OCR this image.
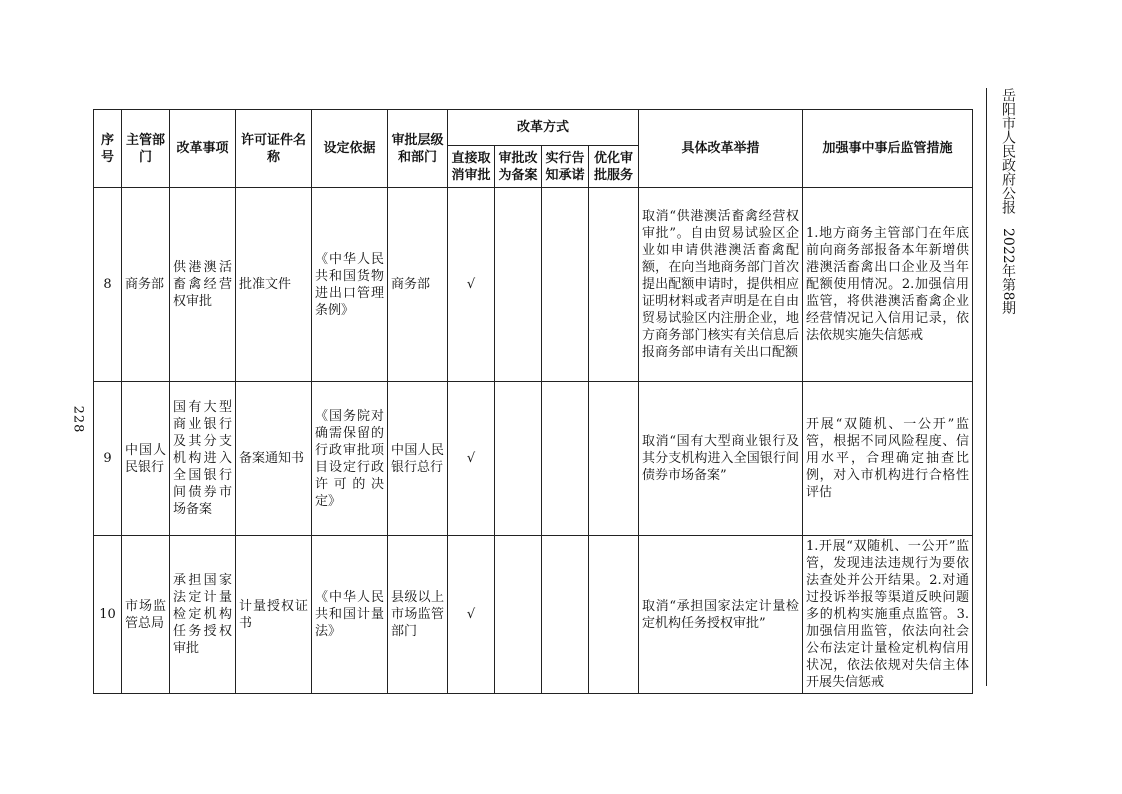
228
岳阳市人民政府公报　2022年第8期
序号	主管部门	改革事项	许可证件名称	设定依据	审批层级和部门	改革方式				具体改革举措	加强事中事后监管措施
						直接取消审批	审批改为备案	实行告知承诺	优化审批服务		
8	商务部	供港澳活畜禽经营权审批	批准文件	《中华人民共和国货物进出口管理条例》	商务部	√				取消“供港澳活畜禽经营权审批”。自由贸易试验区企业如申请供港澳活畜禽配额，在向当地商务部门首次提出配额申请时，提供相应证明材料或者声明是在自由贸易试验区内注册企业，地方商务部门核实有关信息后报商务部申请有关出口配额	1.地方商务主管部门在年底前向商务部报备本年新增供港澳活畜禽出口企业及当年配额使用情况。2.加强信用监管，将供港澳活畜禽企业经营情况记入信用记录，依法依规实施失信惩戒
9	中国人民银行	国有大型商业银行及其分支机构进入全国银行间债券市场备案	备案通知书	《国务院对确需保留的行政审批项目设定行政许可的决定》	中国人民银行总行	√				取消“国有大型商业银行及其分支机构进入全国银行间债券市场备案”	开展“双随机、一公开”监管，根据不同风险程度、信用水平，合理确定抽查比例，对入市机构进行合格性评估
10	市场监管总局	承担国家法定计量检定机构任务授权审批	计量授权证书	《中华人民共和国计量法》	县级以上市场监管部门	√				取消“承担国家法定计量检定机构任务授权审批”	1.开展“双随机、一公开”监管，发现违法违规行为要依法查处并公开结果。2.对通过投诉举报等渠道反映问题多的机构实施重点监管。3.加强信用监管，依法向社会公布法定计量检定机构信用状况，依法依规对失信主体开展失信惩戒
